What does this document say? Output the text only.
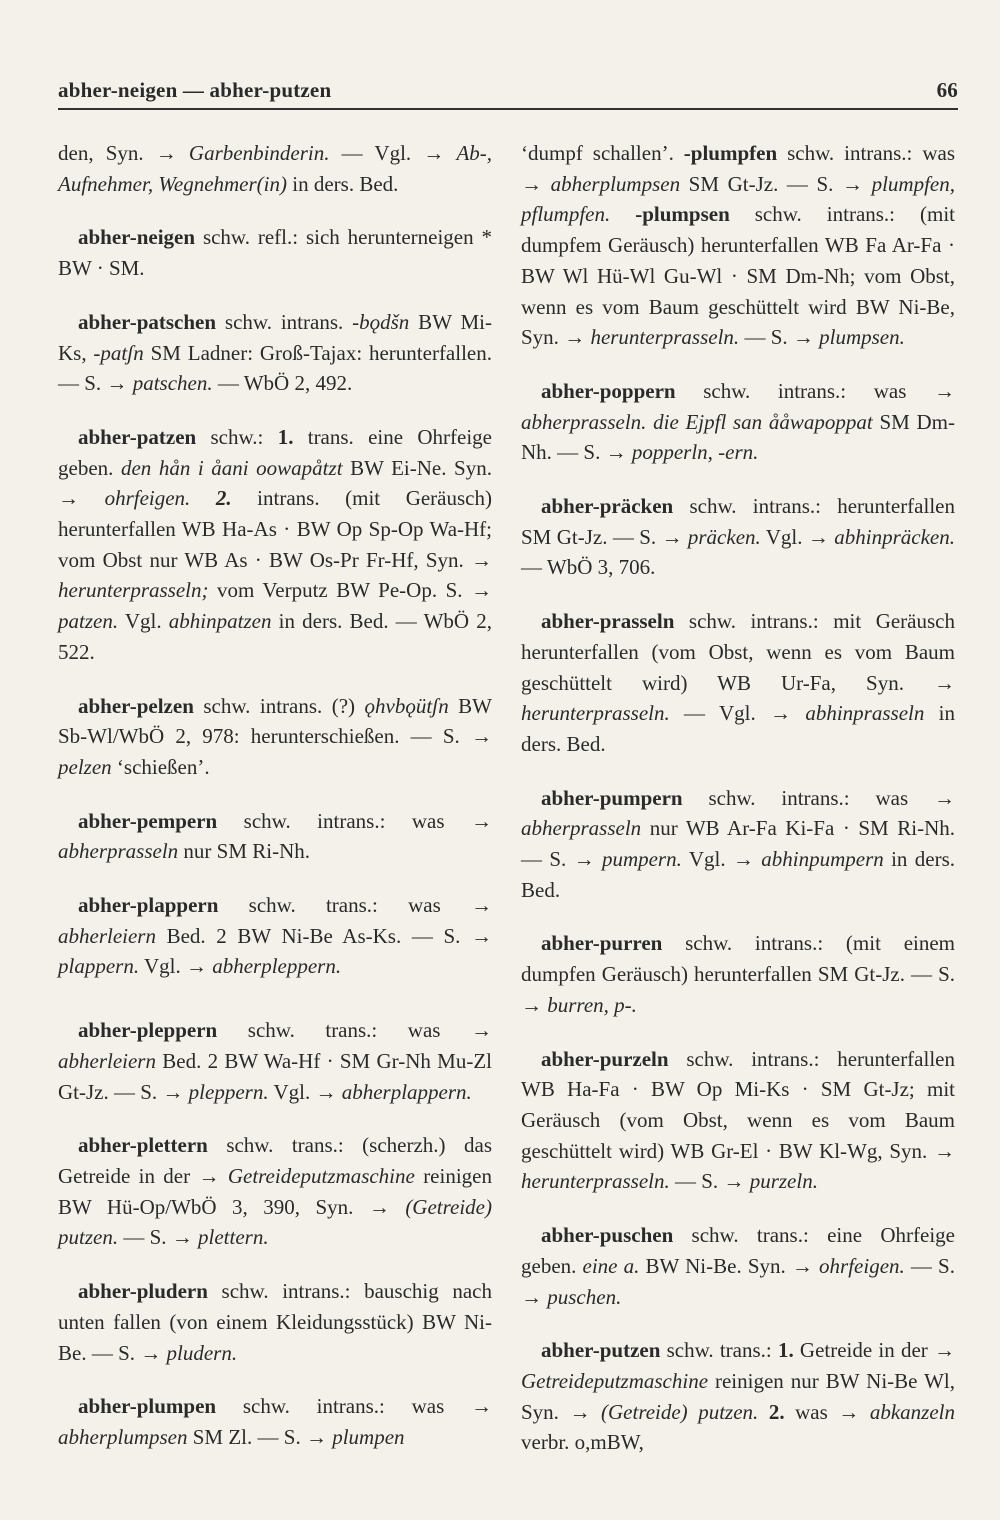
abher-neigen — abher-putzen	66

den, Syn. → Garbenbinderin. — Vgl. → Ab-, Aufnehmer, Wegnehmer(in) in ders. Bed.

abher-neigen schw. refl.: sich herunterneigen * BW · SM.

abher-patschen schw. intrans. -bǫdšn BW Mi-Ks, -patʃn SM Ladner: Groß-Tajax: herunterfallen. — S. → patschen. — WbÖ 2, 492.

abher-patzen schw.: 1. trans. eine Ohrfeige geben. den hån i åani oowapåtzt BW Ei-Ne. Syn. → ohrfeigen. 2. intrans. (mit Geräusch) herunterfallen WB Ha-As · BW Op Sp-Op Wa-Hf; vom Obst nur WB As · BW Os-Pr Fr-Hf, Syn. → herunterprasseln; vom Verputz BW Pe-Op. S. → patzen. Vgl. abhinpatzen in ders. Bed. — WbÖ 2, 522.

abher-pelzen schw. intrans. (?) ǫhvbǫütʃn BW Sb-Wl/WbÖ 2, 978: herunterschießen. — S. → pelzen ‘schießen’.

abher-pempern schw. intrans.: was → abherprasseln nur SM Ri-Nh.

abher-plappern schw. trans.: was → abherleiern Bed. 2 BW Ni-Be As-Ks. — S. → plappern. Vgl. → abherpleppern.

abher-pleppern schw. trans.: was → abherleiern Bed. 2 BW Wa-Hf · SM Gr-Nh Mu-Zl Gt-Jz. — S. → pleppern. Vgl. → abherplappern.

abher-plettern schw. trans.: (scherzh.) das Getreide in der → Getreideputzmaschine reinigen BW Hü-Op/WbÖ 3, 390, Syn. → (Getreide) putzen. — S. → plettern.

abher-pludern schw. intrans.: bauschig nach unten fallen (von einem Kleidungsstück) BW Ni-Be. — S. → pludern.

abher-plumpen schw. intrans.: was → abherplumpsen SM Zl. — S. → plumpen

‘dumpf schallen’. -plumpfen schw. intrans.: was → abherplumpsen SM Gt-Jz. — S. → plumpfen, pflumpfen. -plumpsen schw. intrans.: (mit dumpfem Geräusch) herunterfallen WB Fa Ar-Fa · BW Wl Hü-Wl Gu-Wl · SM Dm-Nh; vom Obst, wenn es vom Baum geschüttelt wird BW Ni-Be, Syn. → herunterprasseln. — S. → plumpsen.

abher-poppern schw. intrans.: was → abherprasseln. die Ejpfl san ååwapoppat SM Dm-Nh. — S. → popperln, -ern.

abher-präcken schw. intrans.: herunterfallen SM Gt-Jz. — S. → präcken. Vgl. → abhinpräcken. — WbÖ 3, 706.

abher-prasseln schw. intrans.: mit Geräusch herunterfallen (vom Obst, wenn es vom Baum geschüttelt wird) WB Ur-Fa, Syn. → herunterprasseln. — Vgl. → abhinprasseln in ders. Bed.

abher-pumpern schw. intrans.: was → abherprasseln nur WB Ar-Fa Ki-Fa · SM Ri-Nh. — S. → pumpern. Vgl. → abhinpumpern in ders. Bed.

abher-purren schw. intrans.: (mit einem dumpfen Geräusch) herunterfallen SM Gt-Jz. — S. → burren, p-.

abher-purzeln schw. intrans.: herunterfallen WB Ha-Fa · BW Op Mi-Ks · SM Gt-Jz; mit Geräusch (vom Obst, wenn es vom Baum geschüttelt wird) WB Gr-El · BW Kl-Wg, Syn. → herunterprasseln. — S. → purzeln.

abher-puschen schw. trans.: eine Ohrfeige geben. eine a. BW Ni-Be. Syn. → ohrfeigen. — S. → puschen.

abher-putzen schw. trans.: 1. Getreide in der → Getreideputzmaschine reinigen nur BW Ni-Be Wl, Syn. → (Getreide) putzen. 2. was → abkanzeln verbr. o,mBW,
